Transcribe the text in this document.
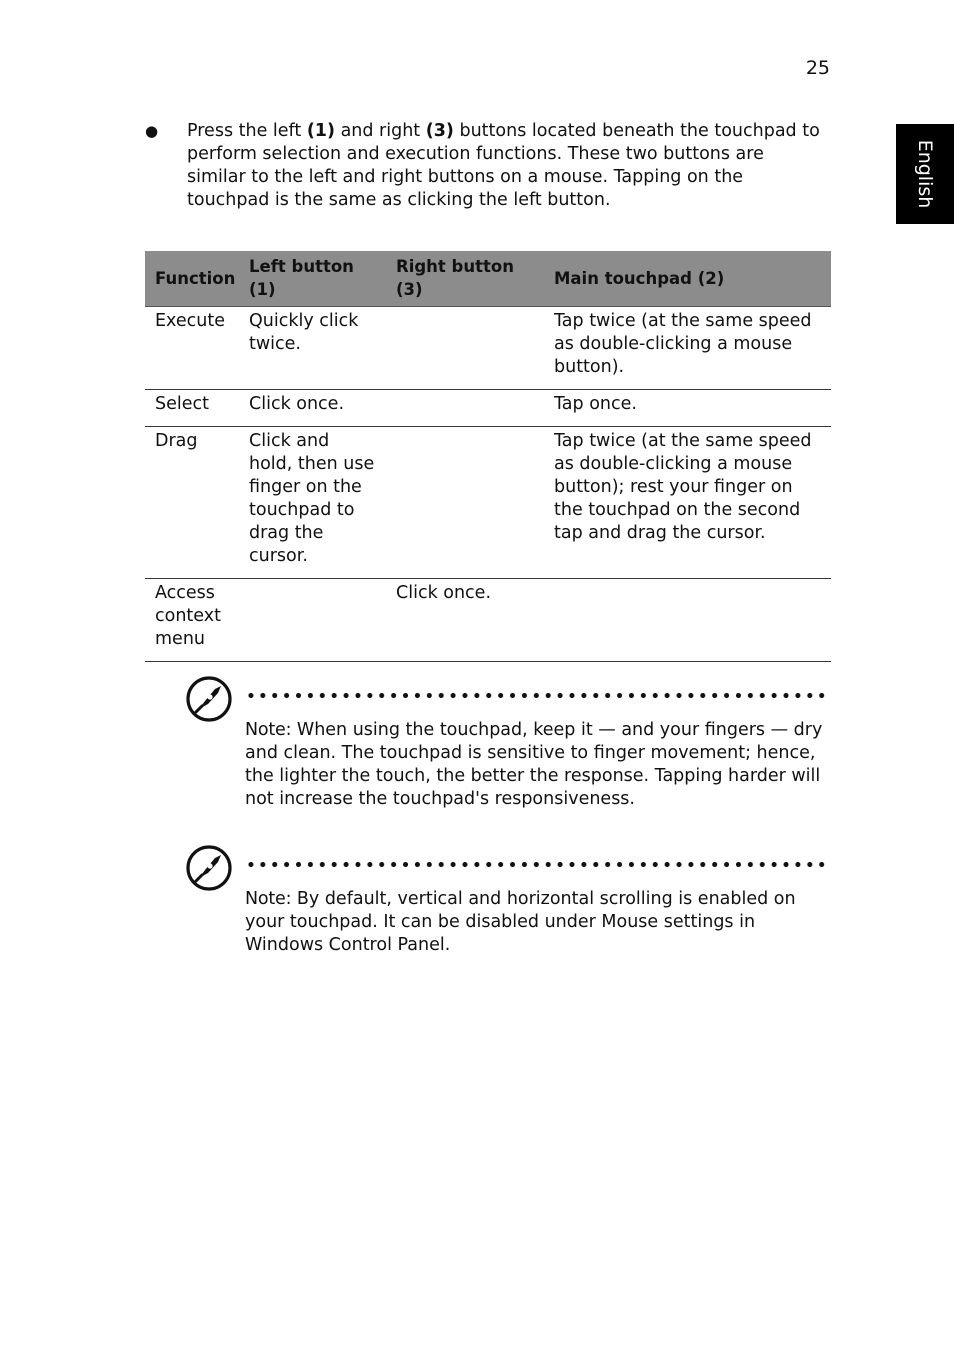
25
English
●	Press the left (1) and right (3) buttons located beneath the touchpad to perform selection and execution functions. These two buttons are similar to the left and right buttons on a mouse. Tapping on the touchpad is the same as clicking the left button.
Function	Left button (1)	Right button (3)	Main touchpad (2)
Execute	Quickly click twice.		Tap twice (at the same speed as double-clicking a mouse button).
Select	Click once.		Tap once.
Drag	Click and hold, then use finger on the touchpad to drag the cursor.		Tap twice (at the same speed as double-clicking a mouse button); rest your finger on the touchpad on the second tap and drag the cursor.
Access context menu		Click once.	
Note: When using the touchpad, keep it — and your fingers — dry and clean. The touchpad is sensitive to finger movement; hence, the lighter the touch, the better the response. Tapping harder will not increase the touchpad's responsiveness.
Note: By default, vertical and horizontal scrolling is enabled on your touchpad. It can be disabled under Mouse settings in Windows Control Panel.
